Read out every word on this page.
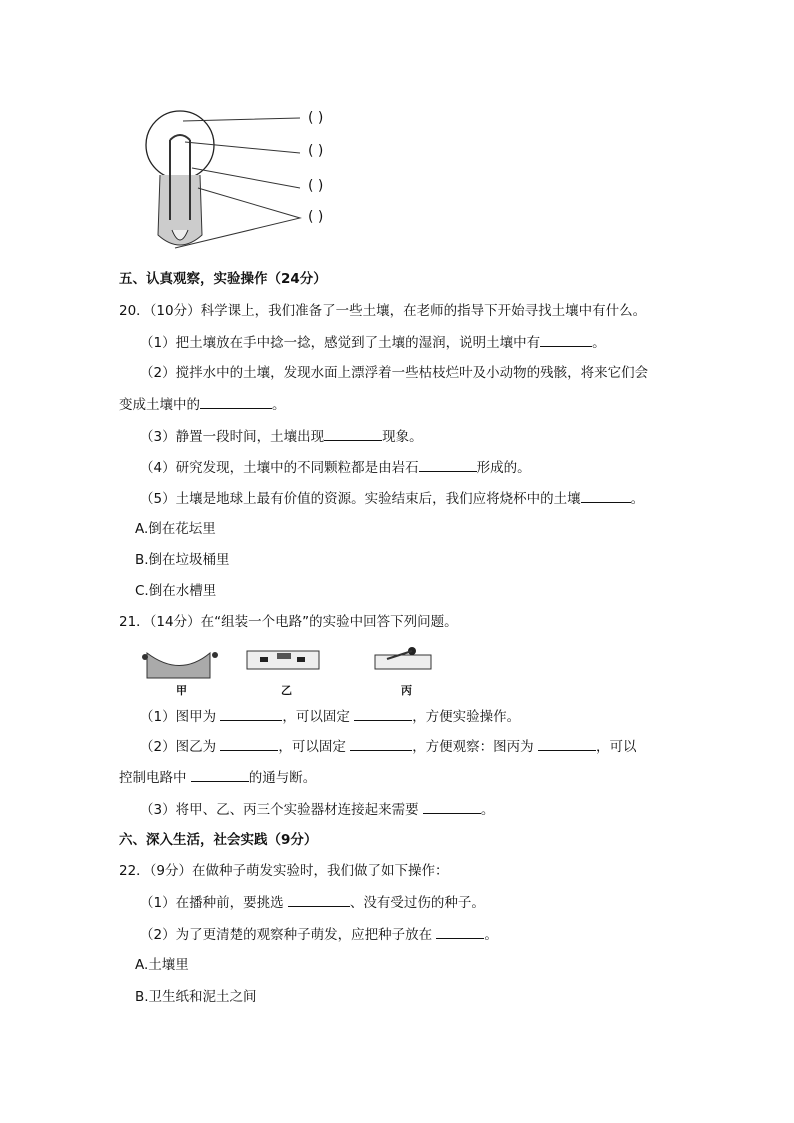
( )
( )
( )
( )
五、认真观察，实验操作（24分）
20．（10分）科学课上，我们准备了一些土壤，在老师的指导下开始寻找土壤中有什么。
（1）把土壤放在手中捻一捻，感觉到了土壤的湿润，说明土壤中有	。
（2）搅拌水中的土壤，发现水面上漂浮着一些枯枝烂叶及小动物的残骸，将来它们会
变成土壤中的	。
（3）静置一段时间，土壤出现	现象。
（4）研究发现，土壤中的不同颗粒都是由岩石	形成的。
（5）土壤是地球上最有价值的资源。实验结束后，我们应将烧杯中的土壤	。
A.倒在花坛里
B.倒在垃圾桶里
C.倒在水槽里
21．（14分）在“组装一个电路”的实验中回答下列问题。
甲	乙	丙
（1）图甲为	，可以固定	，方便实验操作。
（2）图乙为	，可以固定	，方便观察：图丙为	，可以
控制电路中	的通与断。
（3）将甲、乙、丙三个实验器材连接起来需要	。
六、深入生活，社会实践（9分）
22．（9分）在做种子萌发实验时，我们做了如下操作：
（1）在播种前，要挑选	、没有受过伤的种子。
（2）为了更清楚的观察种子萌发，应把种子放在	。
A.土壤里
B.卫生纸和泥土之间
